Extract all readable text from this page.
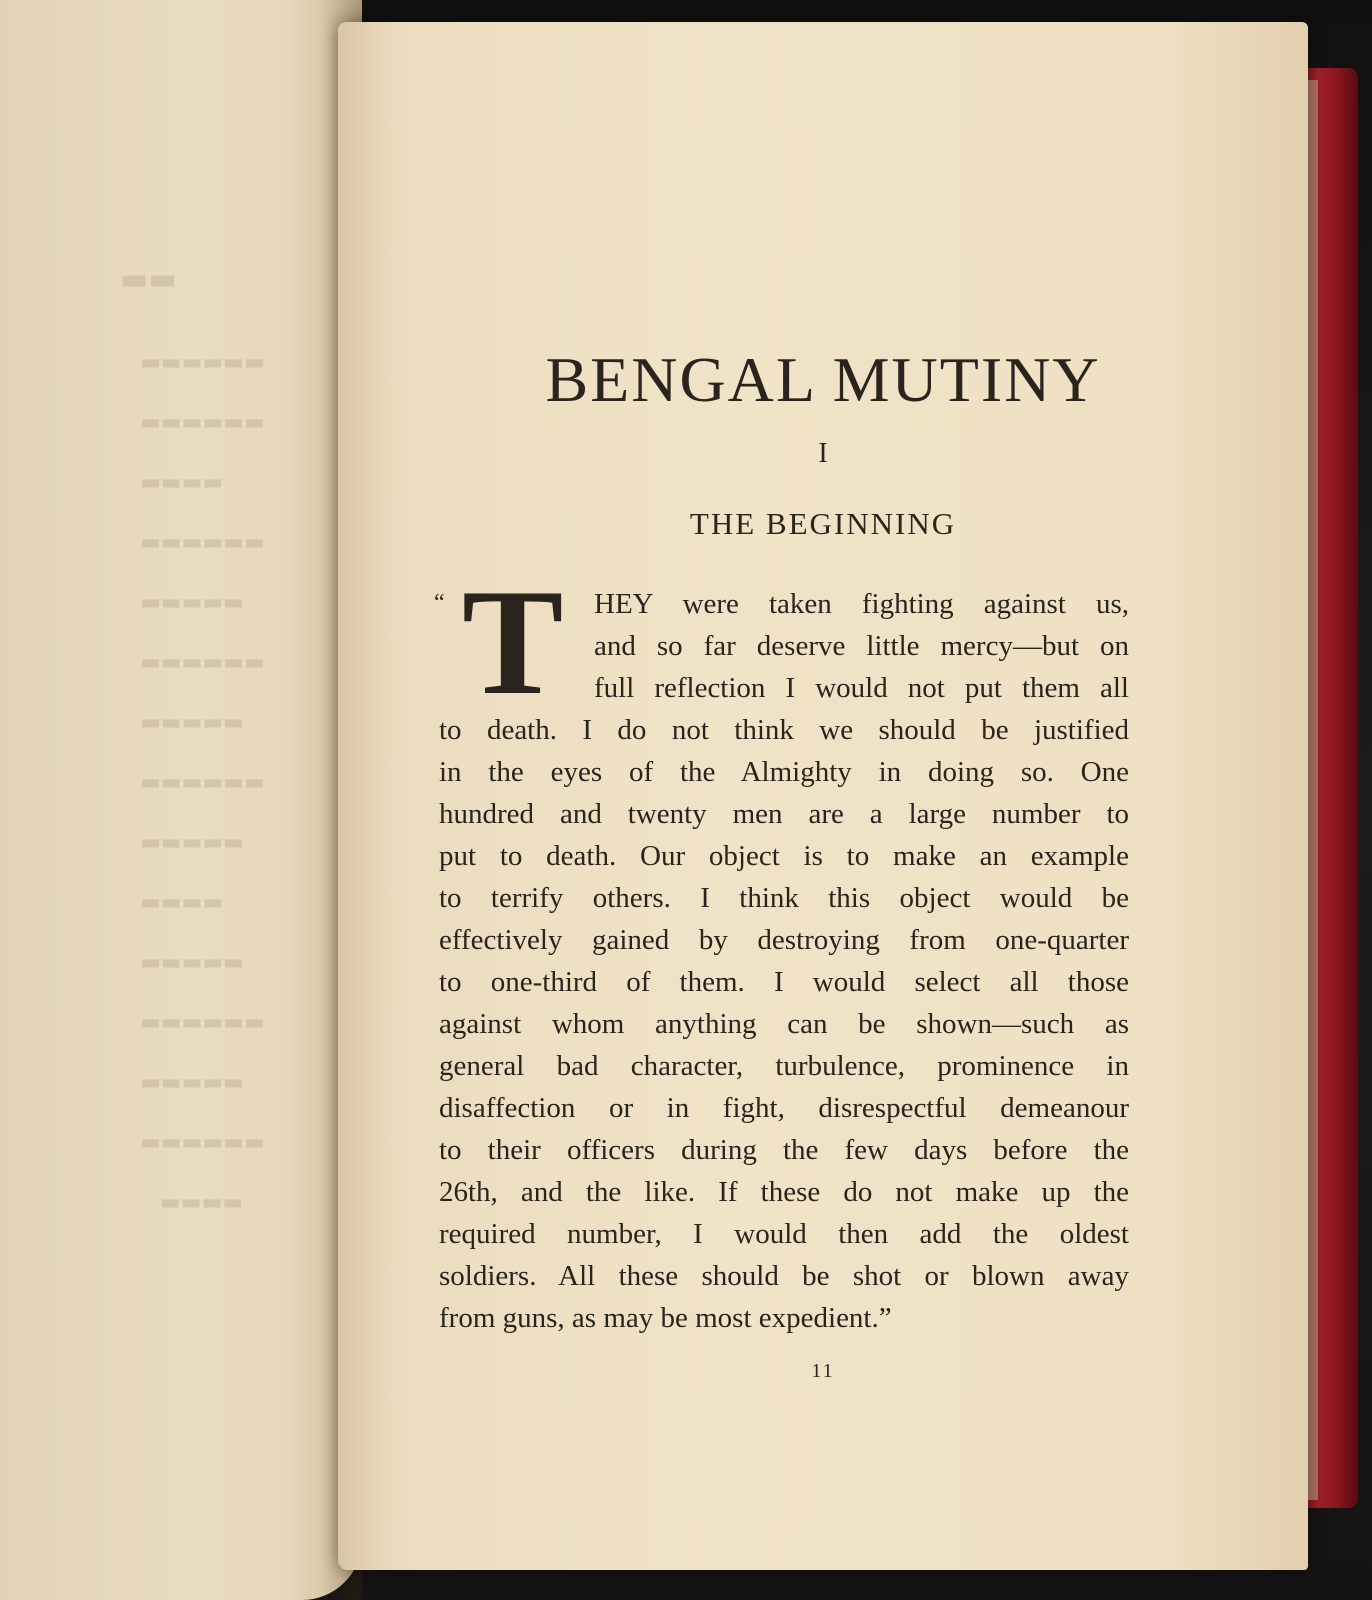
▬▬
▬▬▬▬▬▬
▬▬▬▬▬▬
▬▬▬▬
▬▬▬▬▬▬
▬▬▬▬▬
▬▬▬▬▬▬
▬▬▬▬▬
▬▬▬▬▬▬
▬▬▬▬▬
▬▬▬▬
▬▬▬▬▬
▬▬▬▬▬▬
▬▬▬▬▬
▬▬▬▬▬▬
▬▬▬▬
BENGAL MUTINY
I
THE BEGINNING
“ T HEY were taken fighting against us,
and so far deserve little mercy—but on
full reflection I would not put them all
to death. I do not think we should be justified
in the eyes of the Almighty in doing so. One
hundred and twenty men are a large number to
put to death. Our object is to make an example
to terrify others. I think this object would be
effectively gained by destroying from one-quarter
to one-third of them. I would select all those
against whom anything can be shown—such as
general bad character, turbulence, prominence in
disaffection or in fight, disrespectful demeanour
to their officers during the few days before the
26th, and the like. If these do not make up the
required number, I would then add the oldest
soldiers. All these should be shot or blown away
from guns, as may be most expedient.”

11
